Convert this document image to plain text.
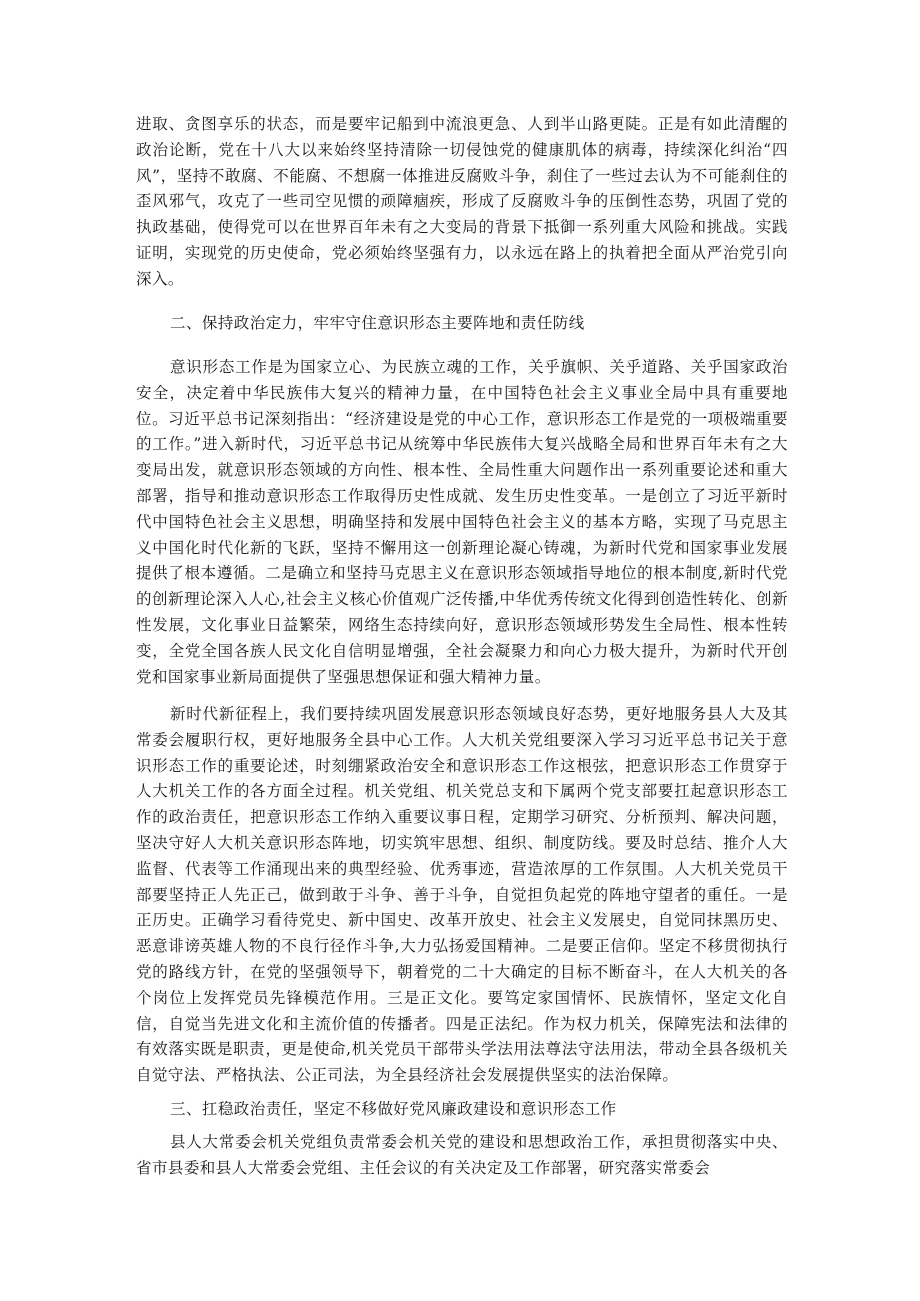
进取、贪图享乐的状态，而是要牢记船到中流浪更急、人到半山路更陡。正是有如此清醒的政治论断，党在十八大以来始终坚持清除一切侵蚀党的健康肌体的病毒，持续深化纠治“四风”，坚持不敢腐、不能腐、不想腐一体推进反腐败斗争，刹住了一些过去认为不可能刹住的歪风邪气，攻克了一些司空见惯的顽障痼疾，形成了反腐败斗争的压倒性态势，巩固了党的执政基础，使得党可以在世界百年未有之大变局的背景下抵御一系列重大风险和挑战。实践证明，实现党的历史使命，党必须始终坚强有力，以永远在路上的执着把全面从严治党引向深入。

二、保持政治定力，牢牢守住意识形态主要阵地和责任防线

意识形态工作是为国家立心、为民族立魂的工作，关乎旗帜、关乎道路、关乎国家政治安全，决定着中华民族伟大复兴的精神力量，在中国特色社会主义事业全局中具有重要地位。习近平总书记深刻指出：“经济建设是党的中心工作，意识形态工作是党的一项极端重要的工作。”进入新时代，习近平总书记从统筹中华民族伟大复兴战略全局和世界百年未有之大变局出发，就意识形态领域的方向性、根本性、全局性重大问题作出一系列重要论述和重大部署，指导和推动意识形态工作取得历史性成就、发生历史性变革。一是创立了习近平新时代中国特色社会主义思想，明确坚持和发展中国特色社会主义的基本方略，实现了马克思主义中国化时代化新的飞跃，坚持不懈用这一创新理论凝心铸魂，为新时代党和国家事业发展提供了根本遵循。二是确立和坚持马克思主义在意识形态领域指导地位的根本制度,新时代党的创新理论深入人心,社会主义核心价值观广泛传播,中华优秀传统文化得到创造性转化、创新性发展，文化事业日益繁荣，网络生态持续向好，意识形态领域形势发生全局性、根本性转变，全党全国各族人民文化自信明显增强，全社会凝聚力和向心力极大提升，为新时代开创党和国家事业新局面提供了坚强思想保证和强大精神力量。

新时代新征程上，我们要持续巩固发展意识形态领域良好态势，更好地服务县人大及其常委会履职行权，更好地服务全县中心工作。人大机关党组要深入学习习近平总书记关于意识形态工作的重要论述，时刻绷紧政治安全和意识形态工作这根弦，把意识形态工作贯穿于人大机关工作的各方面全过程。机关党组、机关党总支和下属两个党支部要扛起意识形态工作的政治责任，把意识形态工作纳入重要议事日程，定期学习研究、分析预判、解决问题，坚决守好人大机关意识形态阵地，切实筑牢思想、组织、制度防线。要及时总结、推介人大监督、代表等工作涌现出来的典型经验、优秀事迹，营造浓厚的工作氛围。人大机关党员干部要坚持正人先正己，做到敢于斗争、善于斗争，自觉担负起党的阵地守望者的重任。一是正历史。正确学习看待党史、新中国史、改革开放史、社会主义发展史，自觉同抹黑历史、恶意诽谤英雄人物的不良行径作斗争,大力弘扬爱国精神。二是要正信仰。坚定不移贯彻执行党的路线方针，在党的坚强领导下，朝着党的二十大确定的目标不断奋斗，在人大机关的各个岗位上发挥党员先锋模范作用。三是正文化。要笃定家国情怀、民族情怀，坚定文化自信，自觉当先进文化和主流价值的传播者。四是正法纪。作为权力机关，保障宪法和法律的有效落实既是职责，更是使命,机关党员干部带头学法用法尊法守法用法，带动全县各级机关自觉守法、严格执法、公正司法，为全县经济社会发展提供坚实的法治保障。

三、扛稳政治责任，坚定不移做好党风廉政建设和意识形态工作

县人大常委会机关党组负责常委会机关党的建设和思想政治工作，承担贯彻落实中央、省市县委和县人大常委会党组、主任会议的有关决定及工作部署，研究落实常委会
